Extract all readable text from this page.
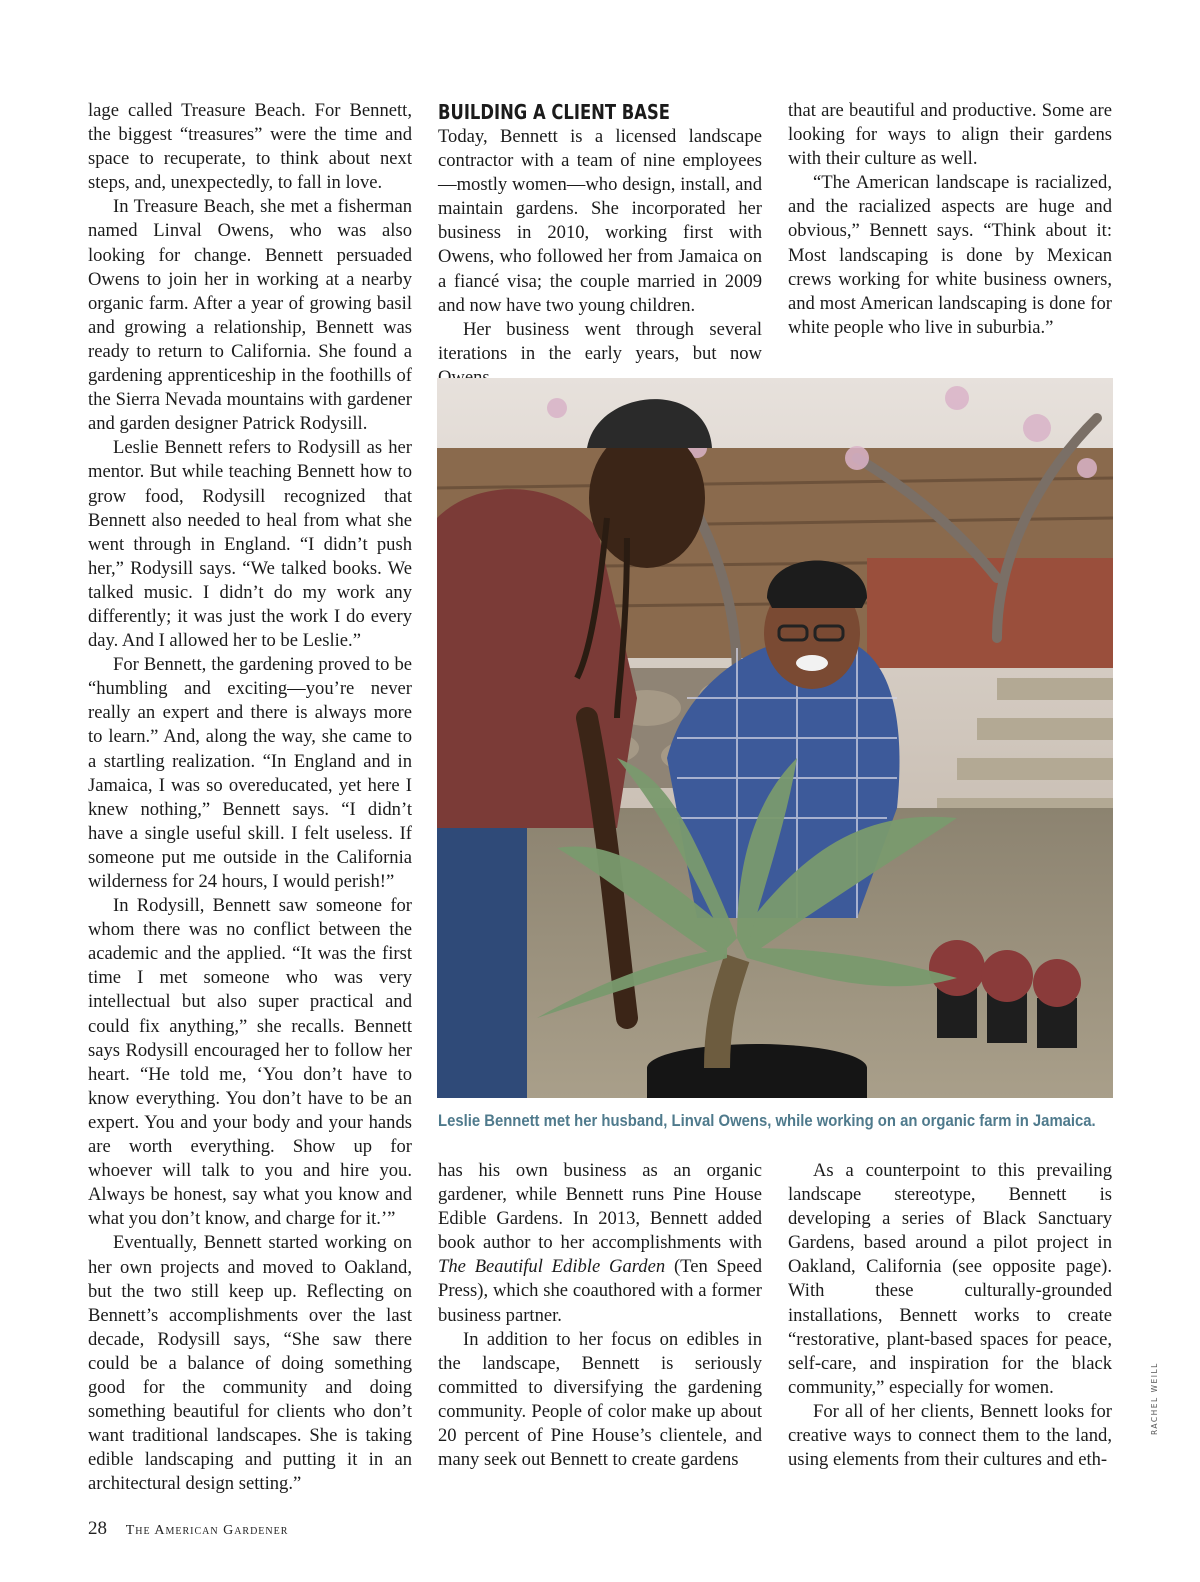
lage called Treasure Beach. For Bennett, the biggest “treasures” were the time and space to recuperate, to think about next steps, and, unexpectedly, to fall in love.

In Treasure Beach, she met a fisherman named Linval Owens, who was also looking for change. Bennett persuaded Owens to join her in working at a nearby organic farm. After a year of growing basil and growing a relationship, Bennett was ready to return to California. She found a gardening apprenticeship in the foothills of the Sierra Nevada mountains with gardener and garden designer Patrick Rodysill.

Leslie Bennett refers to Rodysill as her mentor. But while teaching Bennett how to grow food, Rodysill recognized that Bennett also needed to heal from what she went through in England. “I didn’t push her,” Rodysill says. “We talked books. We talked music. I didn’t do my work any differently; it was just the work I do every day. And I allowed her to be Leslie.”

For Bennett, the gardening proved to be “humbling and exciting—you’re never really an expert and there is always more to learn.” And, along the way, she came to a startling realization. “In England and in Jamaica, I was so overeducated, yet here I knew nothing,” Bennett says. “I didn’t have a single useful skill. I felt useless. If someone put me outside in the California wilderness for 24 hours, I would perish!”

In Rodysill, Bennett saw someone for whom there was no conflict between the academic and the applied. “It was the first time I met someone who was very intellectual but also super practical and could fix anything,” she recalls. Bennett says Rodysill encouraged her to follow her heart. “He told me, ‘You don’t have to know everything. You don’t have to be an expert. You and your body and your hands are worth everything. Show up for whoever will talk to you and hire you. Always be honest, say what you know and what you don’t know, and charge for it.’”

Eventually, Bennett started working on her own projects and moved to Oakland, but the two still keep up. Reflecting on Bennett’s accomplishments over the last decade, Rodysill says, “She saw there could be a balance of doing something good for the community and doing something beautiful for clients who don’t want traditional landscapes. She is taking edible landscaping and putting it in an architectural design setting.”

BUILDING A CLIENT BASE

Today, Bennett is a licensed landscape contractor with a team of nine employees—mostly women—who design, install, and maintain gardens. She incorporated her business in 2010, working first with Owens, who followed her from Jamaica on a fiancé visa; the couple married in 2009 and now have two young children.

Her business went through several iterations in the early years, but now

that are beautiful and productive. Some are looking for ways to align their gardens with their culture as well.

“The American landscape is racialized, and the racialized aspects are huge and obvious,” Bennett says. “Think about it: Most landscaping is done by Mexican crews working for white business owners, and most American landscaping is done for white people who live in suburbia.”

Leslie Bennett met her husband, Linval Owens, while working on an organic farm in Jamaica.
RACHEL WEILL

has his own business as an organic gardener, while Bennett runs Pine House Edible Gardens. In 2013, Bennett added book author to her accomplishments with The Beautiful Edible Garden (Ten Speed Press), which she coauthored with a former business partner.

In addition to her focus on edibles in the landscape, Bennett is seriously committed to diversifying the gardening community. People of color make up about 20 percent of Pine House’s clientele, and many seek out Bennett to create gardens

As a counterpoint to this prevailing landscape stereotype, Bennett is developing a series of Black Sanctuary Gardens, based around a pilot project in Oakland, California (see opposite page). With these culturally-grounded installations, Bennett works to create “restorative, plant-based spaces for peace, self-care, and inspiration for the black community,” especially for women.

For all of her clients, Bennett looks for creative ways to connect them to the land, using elements from their cultures and eth-

28 The American Gardener
